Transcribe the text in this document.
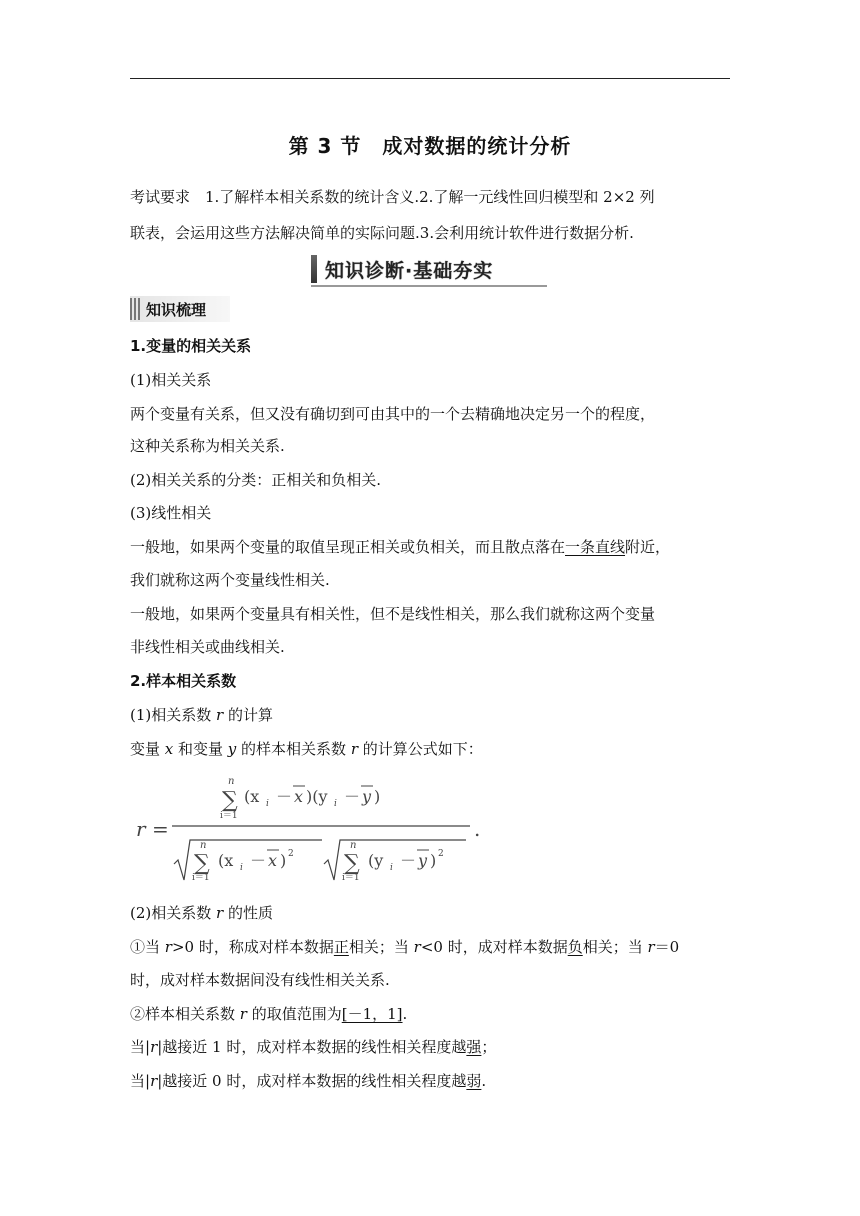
第 3 节　成对数据的统计分析
考试要求　1.了解样本相关系数的统计含义.2.了解一元线性回归模型和 2×2 列
联表，会运用这些方法解决简单的实际问题.3.会利用统计软件进行数据分析.
知识诊断·基础夯实
知识梳理
1.变量的相关关系
(1)相关关系
两个变量有关系，但又没有确切到可由其中的一个去精确地决定另一个的程度，
这种关系称为相关关系.
(2)相关关系的分类：正相关和负相关.
(3)线性相关
一般地，如果两个变量的取值呈现正相关或负相关，而且散点落在一条直线附近，
我们就称这两个变量线性相关.
一般地，如果两个变量具有相关性，但不是线性相关，那么我们就称这两个变量
非线性相关或曲线相关.
2.样本相关系数
(1)相关系数 r 的计算
变量 x 和变量 y 的样本相关系数 r 的计算公式如下：
r =
n
∑
i＝1
(x i － x )(y i － y )
.
n
∑
i＝1
(x i － x ) 2
n
∑
i＝1
(y i － y ) 2
(2)相关系数 r 的性质
①当 r>0 时，称成对样本数据正相关；当 r<0 时，成对样本数据负相关；当 r＝0
时，成对样本数据间没有线性相关关系.
②样本相关系数 r 的取值范围为[－1，1].
当|r|越接近 1 时，成对样本数据的线性相关程度越强；
当|r|越接近 0 时，成对样本数据的线性相关程度越弱.
